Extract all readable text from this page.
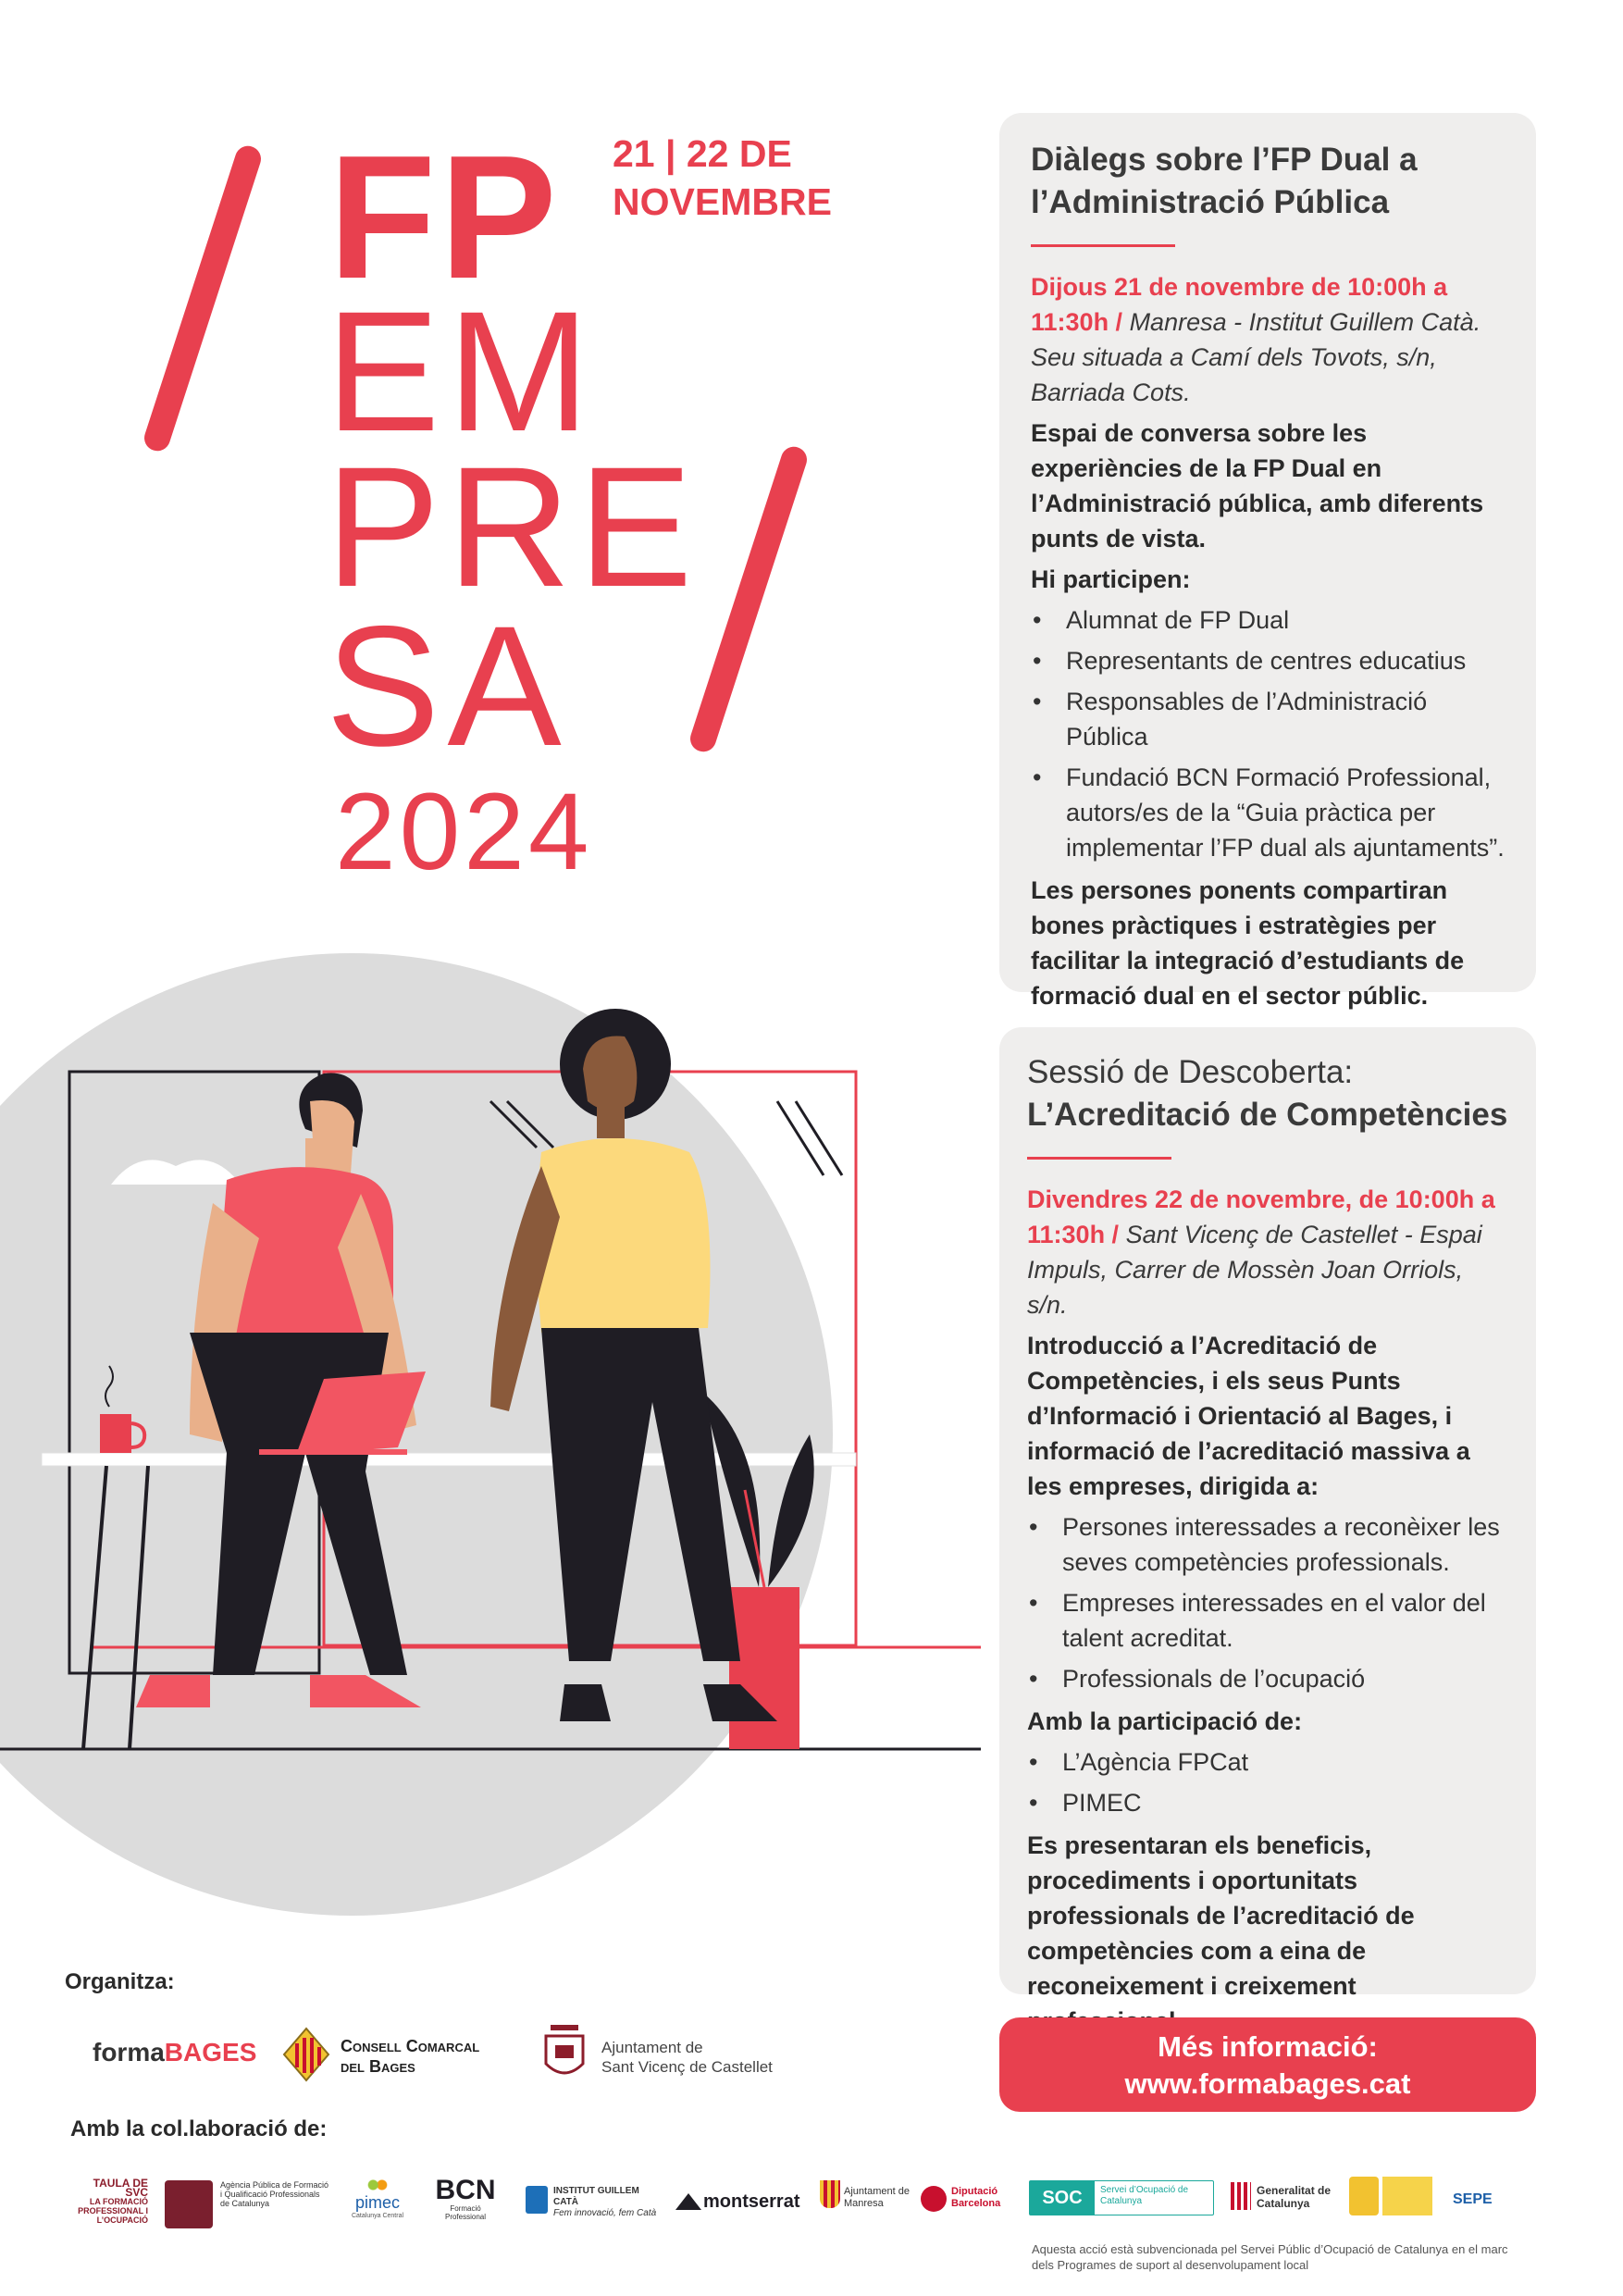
FP
EM
PRE
SA
2024
21 | 22 DE
NOVEMBRE

Diàlegs sobre l’FP Dual a

l’Administració Pública

Dijous 21 de novembre de 10:00h a 11:30h / Manresa - Institut Guillem Catà. Seu situada a Camí dels Tovots, s/n, Barriada Cots.

Espai de conversa sobre les experiències de la FP Dual en l’Administració pública, amb diferents punts de vista.

Hi participen:

• Alumnat de FP Dual
• Representants de centres educatius
• Responsables de l’Administració Pública
• Fundació BCN Formació Professional, autors/es de la “Guia pràctica per implementar l’FP dual als ajuntaments”.

Les persones ponents compartiran bones pràctiques i estratègies per facilitar la integració d’estudiants de formació dual en el sector públic.

Sessió de Descoberta:

L’Acreditació de Competències

Divendres 22 de novembre, de 10:00h a 11:30h / Sant Vicenç de Castellet - Espai Impuls, Carrer de Mossèn Joan Orriols, s/n.

Introducció a l’Acreditació de Competències, i els seus Punts d’Informació i Orientació al Bages, i informació de l’acreditació massiva a les empreses, dirigida a:

• Persones interessades a reconèixer les seves competències professionals.
• Empreses interessades en el valor del talent acreditat.
• Professionals de l’ocupació

Amb la participació de:

• L’Agència FPCat
• PIMEC

Es presentaran els beneficis, procediments i oportunitats professionals de l’acreditació de competències com a eina de reconeixement i creixement

Més informació:
www.formabages.cat
Organitza:
formaBAGES	Consell Comarcal
del Bages
Ajuntament de
Sant Vicenç de Castellet
Amb la col.laboració de:
TAULA DE SVC
LA FORMACIÓ PROFESSIONAL I L’OCUPACIÓ
Agència Pública de Formació i Qualificació Professionals de Catalunya	pimec
Catalunya Central
BCN
Formació Professional
INSTITUT GUILLEM CATÀ
Fem innovació, fem Catà
montserrat	Ajuntament de Manresa
Diputació Barcelona	SOC	Servei d’Ocupació de Catalunya
Generalitat de Catalunya	SEPE
Aquesta acció està subvencionada pel Servei Públic d’Ocupació de Catalunya en el marc dels Programes de suport al desenvolupament local
